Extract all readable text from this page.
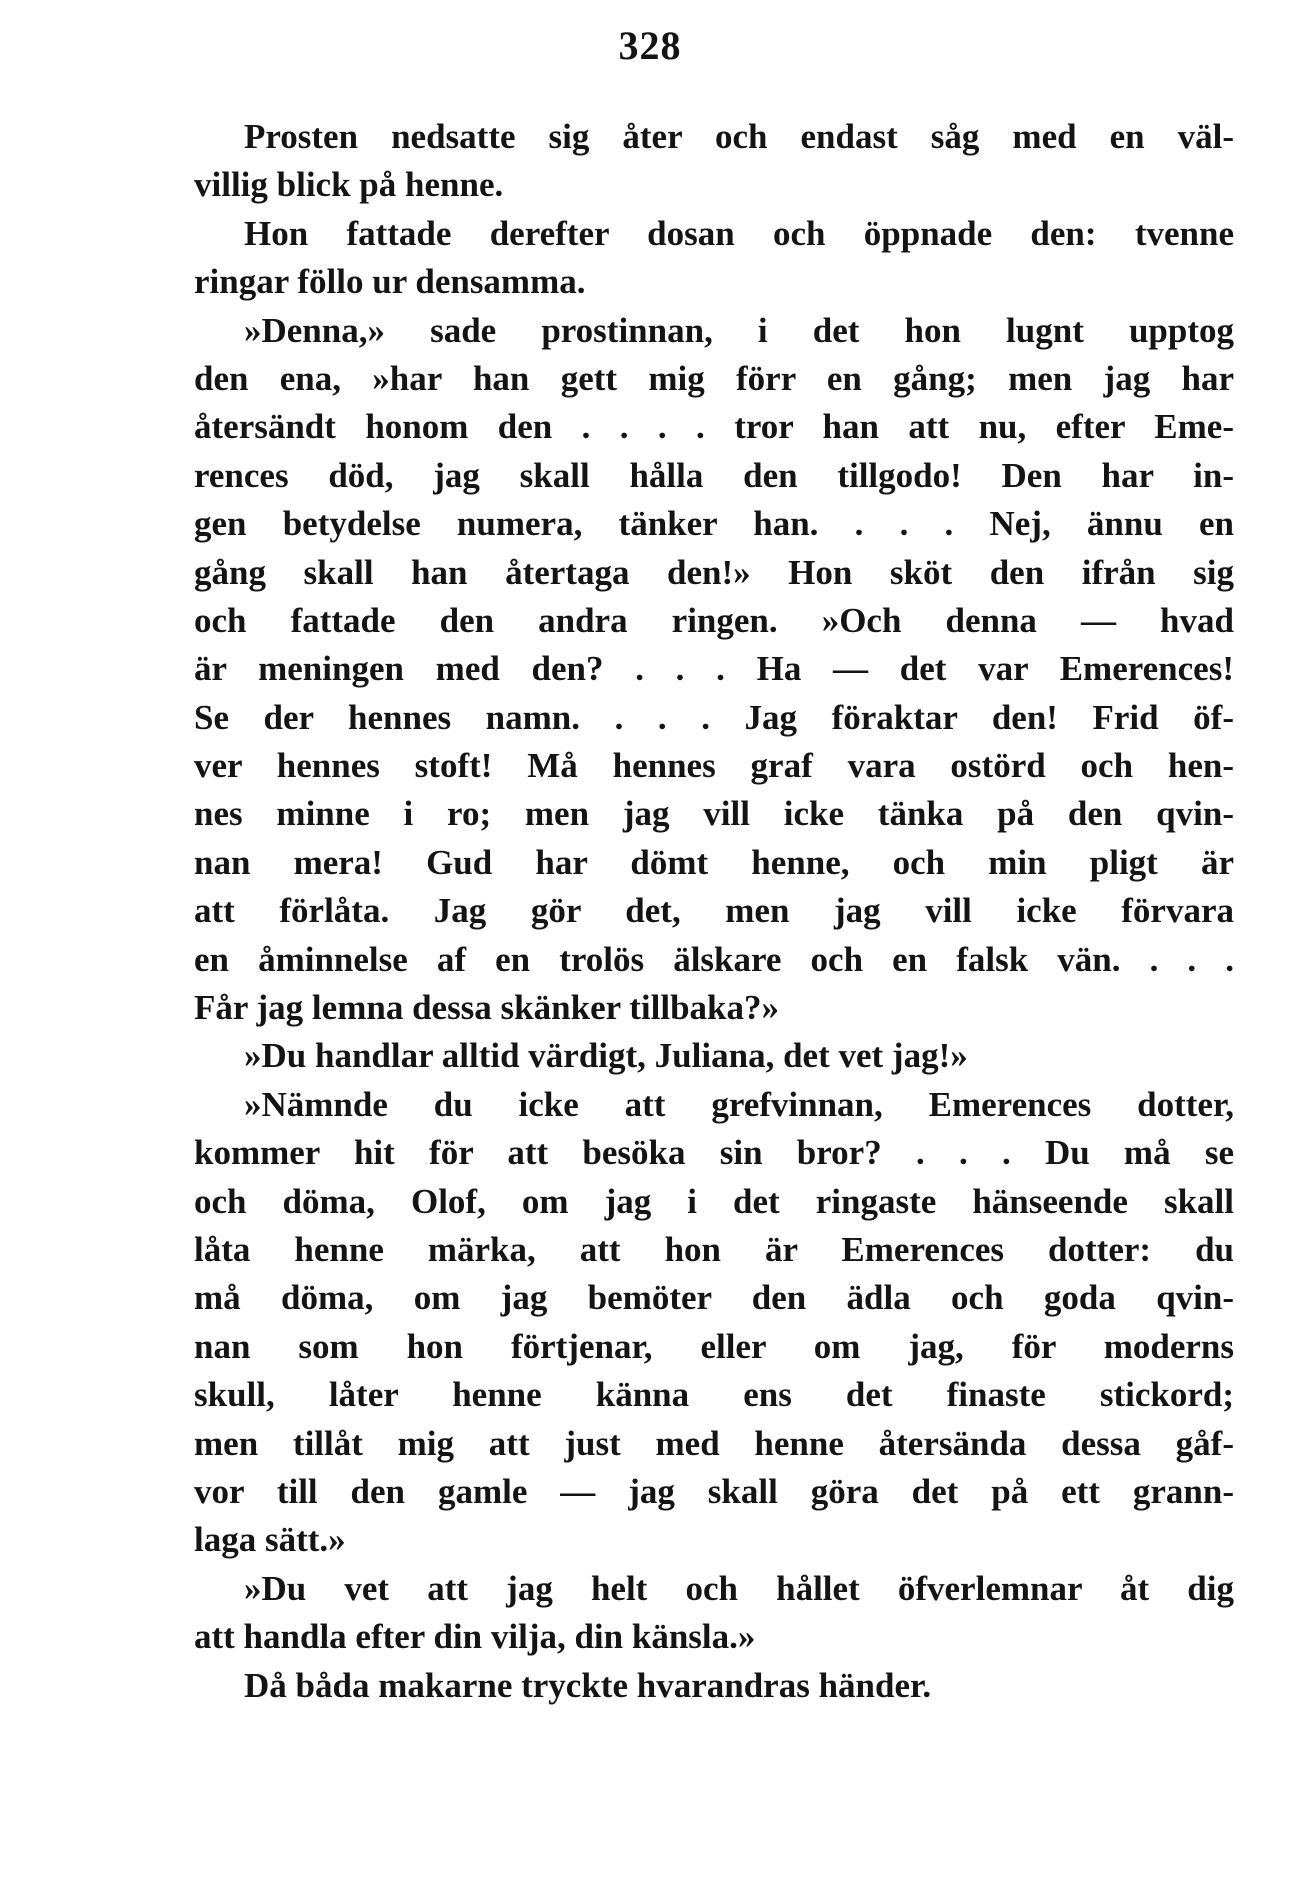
328
Prosten nedsatte sig åter och endast såg med en väl-
villig blick på henne.
Hon fattade derefter dosan och öppnade den: tvenne
ringar föllo ur densamma.
»Denna,» sade prostinnan, i det hon lugnt upptog
den ena, »har han gett mig förr en gång; men jag har
återsändt honom den . . . . tror han att nu, efter Eme-
rences död, jag skall hålla den tillgodo! Den har in-
gen betydelse numera, tänker han. . . . Nej, ännu en
gång skall han återtaga den!» Hon sköt den ifrån sig
och fattade den andra ringen. »Och denna — hvad
är meningen med den? . . . Ha — det var Emerences!
Se der hennes namn. . . . Jag föraktar den! Frid öf-
ver hennes stoft! Må hennes graf vara ostörd och hen-
nes minne i ro; men jag vill icke tänka på den qvin-
nan mera! Gud har dömt henne, och min pligt är
att förlåta. Jag gör det, men jag vill icke förvara
en åminnelse af en trolös älskare och en falsk vän. . . .
Får jag lemna dessa skänker tillbaka?»
»Du handlar alltid värdigt, Juliana, det vet jag!»
»Nämnde du icke att grefvinnan, Emerences dotter,
kommer hit för att besöka sin bror? . . . Du må se
och döma, Olof, om jag i det ringaste hänseende skall
låta henne märka, att hon är Emerences dotter: du
må döma, om jag bemöter den ädla och goda qvin-
nan som hon förtjenar, eller om jag, för moderns
skull, låter henne känna ens det finaste stickord;
men tillåt mig att just med henne återsända dessa gåf-
vor till den gamle — jag skall göra det på ett grann-
laga sätt.»
»Du vet att jag helt och hållet öfverlemnar åt dig
att handla efter din vilja, din känsla.»
Då båda makarne tryckte hvarandras händer.
